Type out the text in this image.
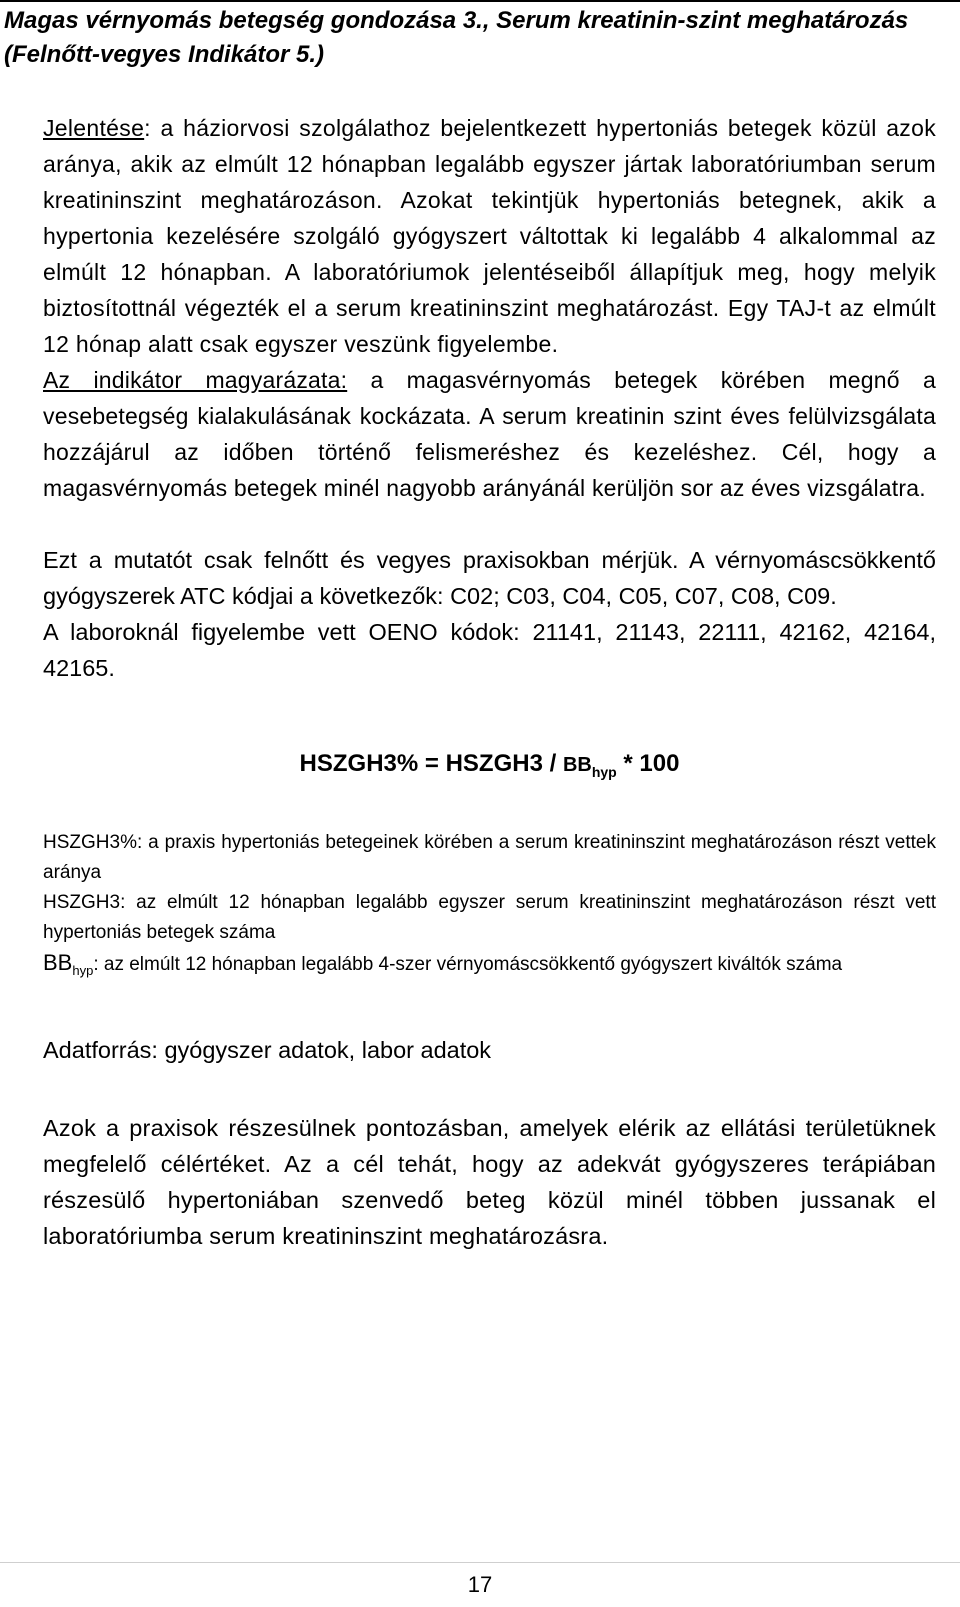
Magas vérnyomás betegség gondozása 3., Serum kreatinin-szint meghatározás (Felnőtt-vegyes Indikátor 5.)

Jelentése: a háziorvosi szolgálathoz bejelentkezett hypertoniás betegek közül azok aránya, akik az elmúlt 12 hónapban legalább egyszer jártak laboratóriumban serum kreatininszint meghatározáson. Azokat tekintjük hypertoniás betegnek, akik a hypertonia kezelésére szolgáló gyógyszert váltottak ki legalább 4 alkalommal az elmúlt 12 hónapban. A laboratóriumok jelentéseiből állapítjuk meg, hogy melyik biztosítottnál végezték el a serum kreatininszint meghatározást. Egy TAJ-t az elmúlt 12 hónap alatt csak egyszer veszünk figyelembe.

Az indikátor magyarázata: a magasvérnyomás betegek körében megnő a vesebetegség kialakulásának kockázata. A serum kreatinin szint éves felülvizsgálata hozzájárul az időben történő felismeréshez és kezeléshez. Cél, hogy a magasvérnyomás betegek minél nagyobb arányánál kerüljön sor az éves vizsgálatra.

Ezt a mutatót csak felnőtt és vegyes praxisokban mérjük. A vérnyomáscsökkentő gyógyszerek ATC kódjai a következők: C02; C03, C04, C05, C07, C08, C09.

A laboroknál figyelembe vett OENO kódok: 21141, 21143, 22111, 42162, 42164, 42165.

HSZGH3% = HSZGH3 / $BB_{hyp} * 100$

HSZGH3%: a praxis hypertoniás betegeinek körében a serum kreatininszint meghatározáson részt vettek aránya

HSZGH3: az elmúlt 12 hónapban legalább egyszer serum kreatininszint meghatározáson részt vett hypertoniás betegek száma

$BB_{hyp}$: az elmúlt 12 hónapban legalább 4-szer vérnyomáscsökkentő gyógyszert kiváltók száma

Adatforrás: gyógyszer adatok, labor adatok

Azok a praxisok részesülnek pontozásban, amelyek elérik az ellátási területüknek megfelelő célértéket. Az a cél tehát, hogy az adekvát gyógyszeres terápiában részesülő hypertoniában szenvedő beteg közül minél többen jussanak el laboratóriumba serum kreatininszint meghatározásra.

17
